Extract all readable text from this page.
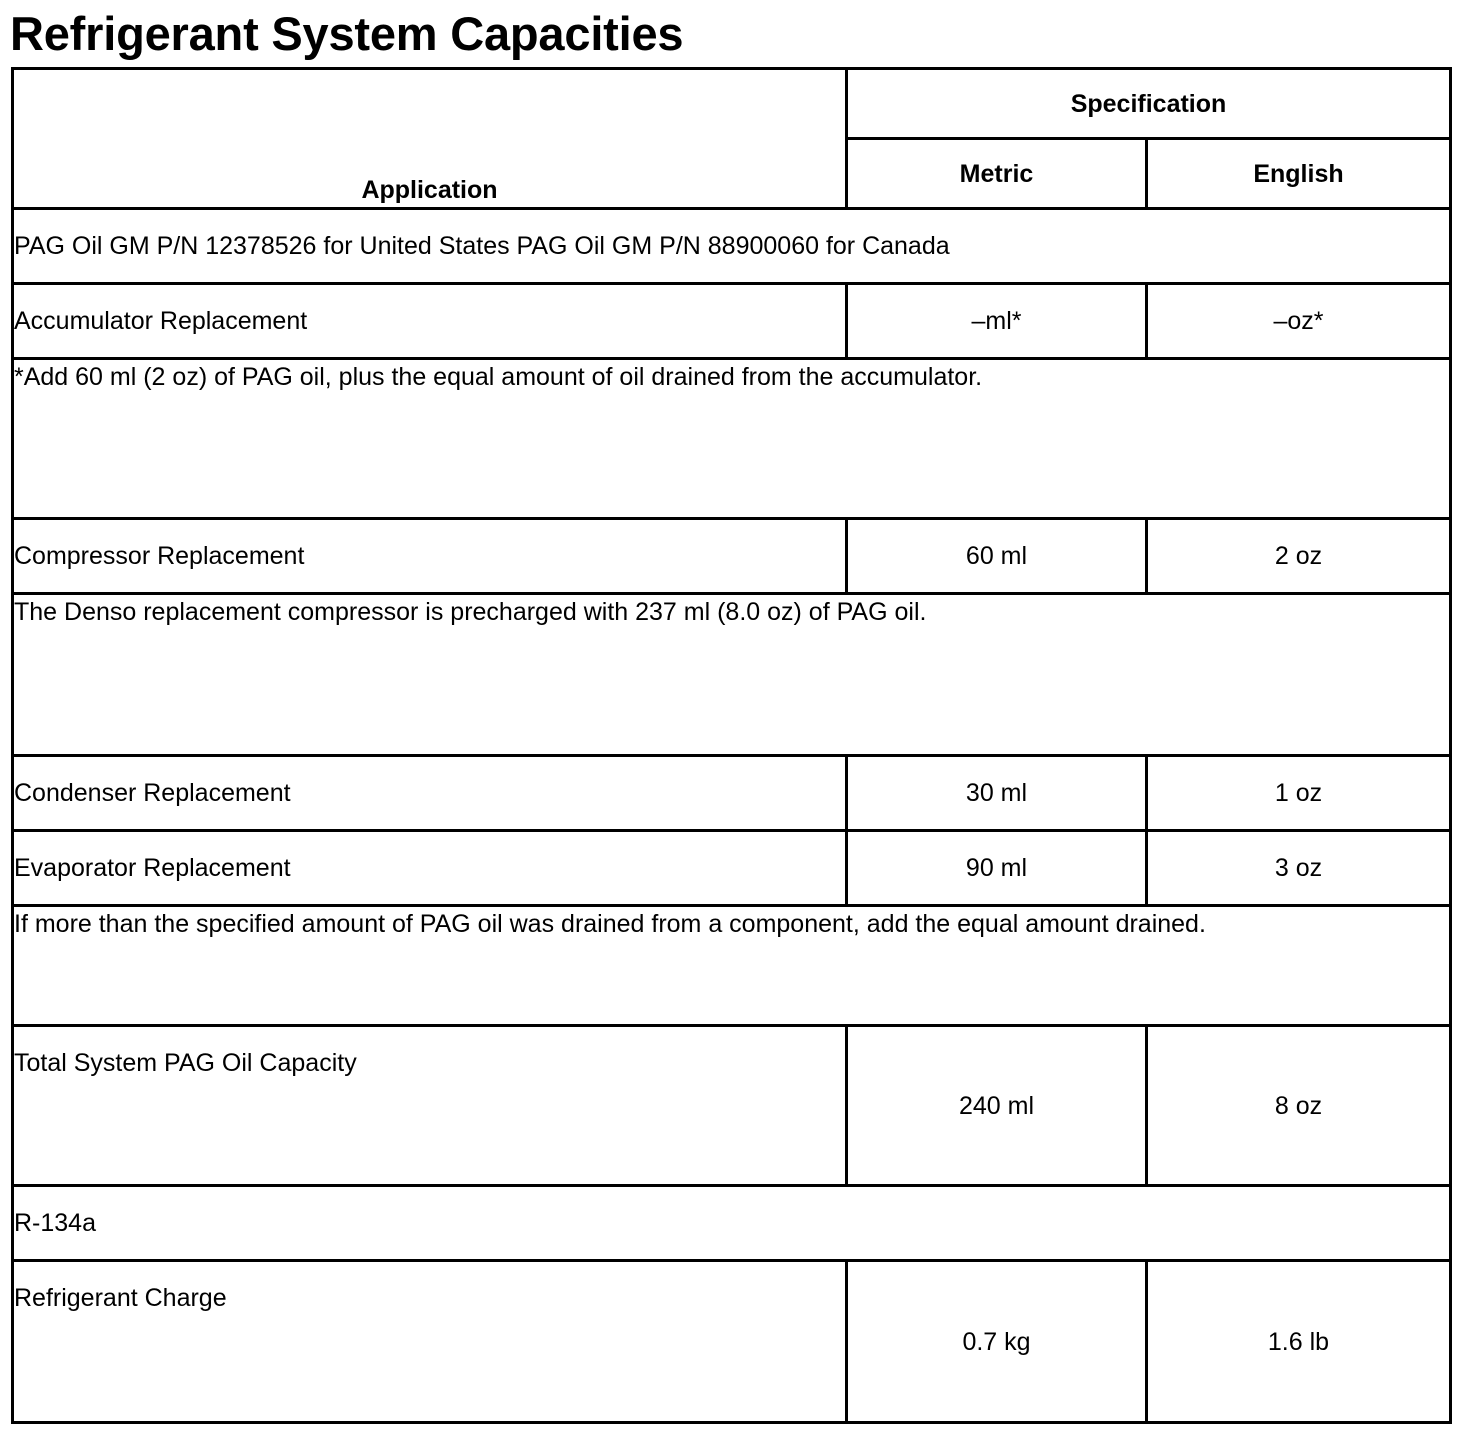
Refrigerant System Capacities
Application	Specification	
	Metric	English
PAG Oil GM P/N 12378526 for United States PAG Oil GM P/N 88900060 for Canada		
Accumulator Replacement	–ml*	–oz*
*Add 60 ml (2 oz) of PAG oil, plus the equal amount of oil drained from the accumulator.		
Compressor Replacement	60 ml	2 oz
The Denso replacement compressor is precharged with 237 ml (8.0 oz) of PAG oil.		
Condenser Replacement	30 ml	1 oz
Evaporator Replacement	90 ml	3 oz
If more than the specified amount of PAG oil was drained from a component, add the equal amount drained.		
Total System PAG Oil Capacity	240 ml	8 oz
R-134a		
Refrigerant Charge	0.7 kg	1.6 lb
